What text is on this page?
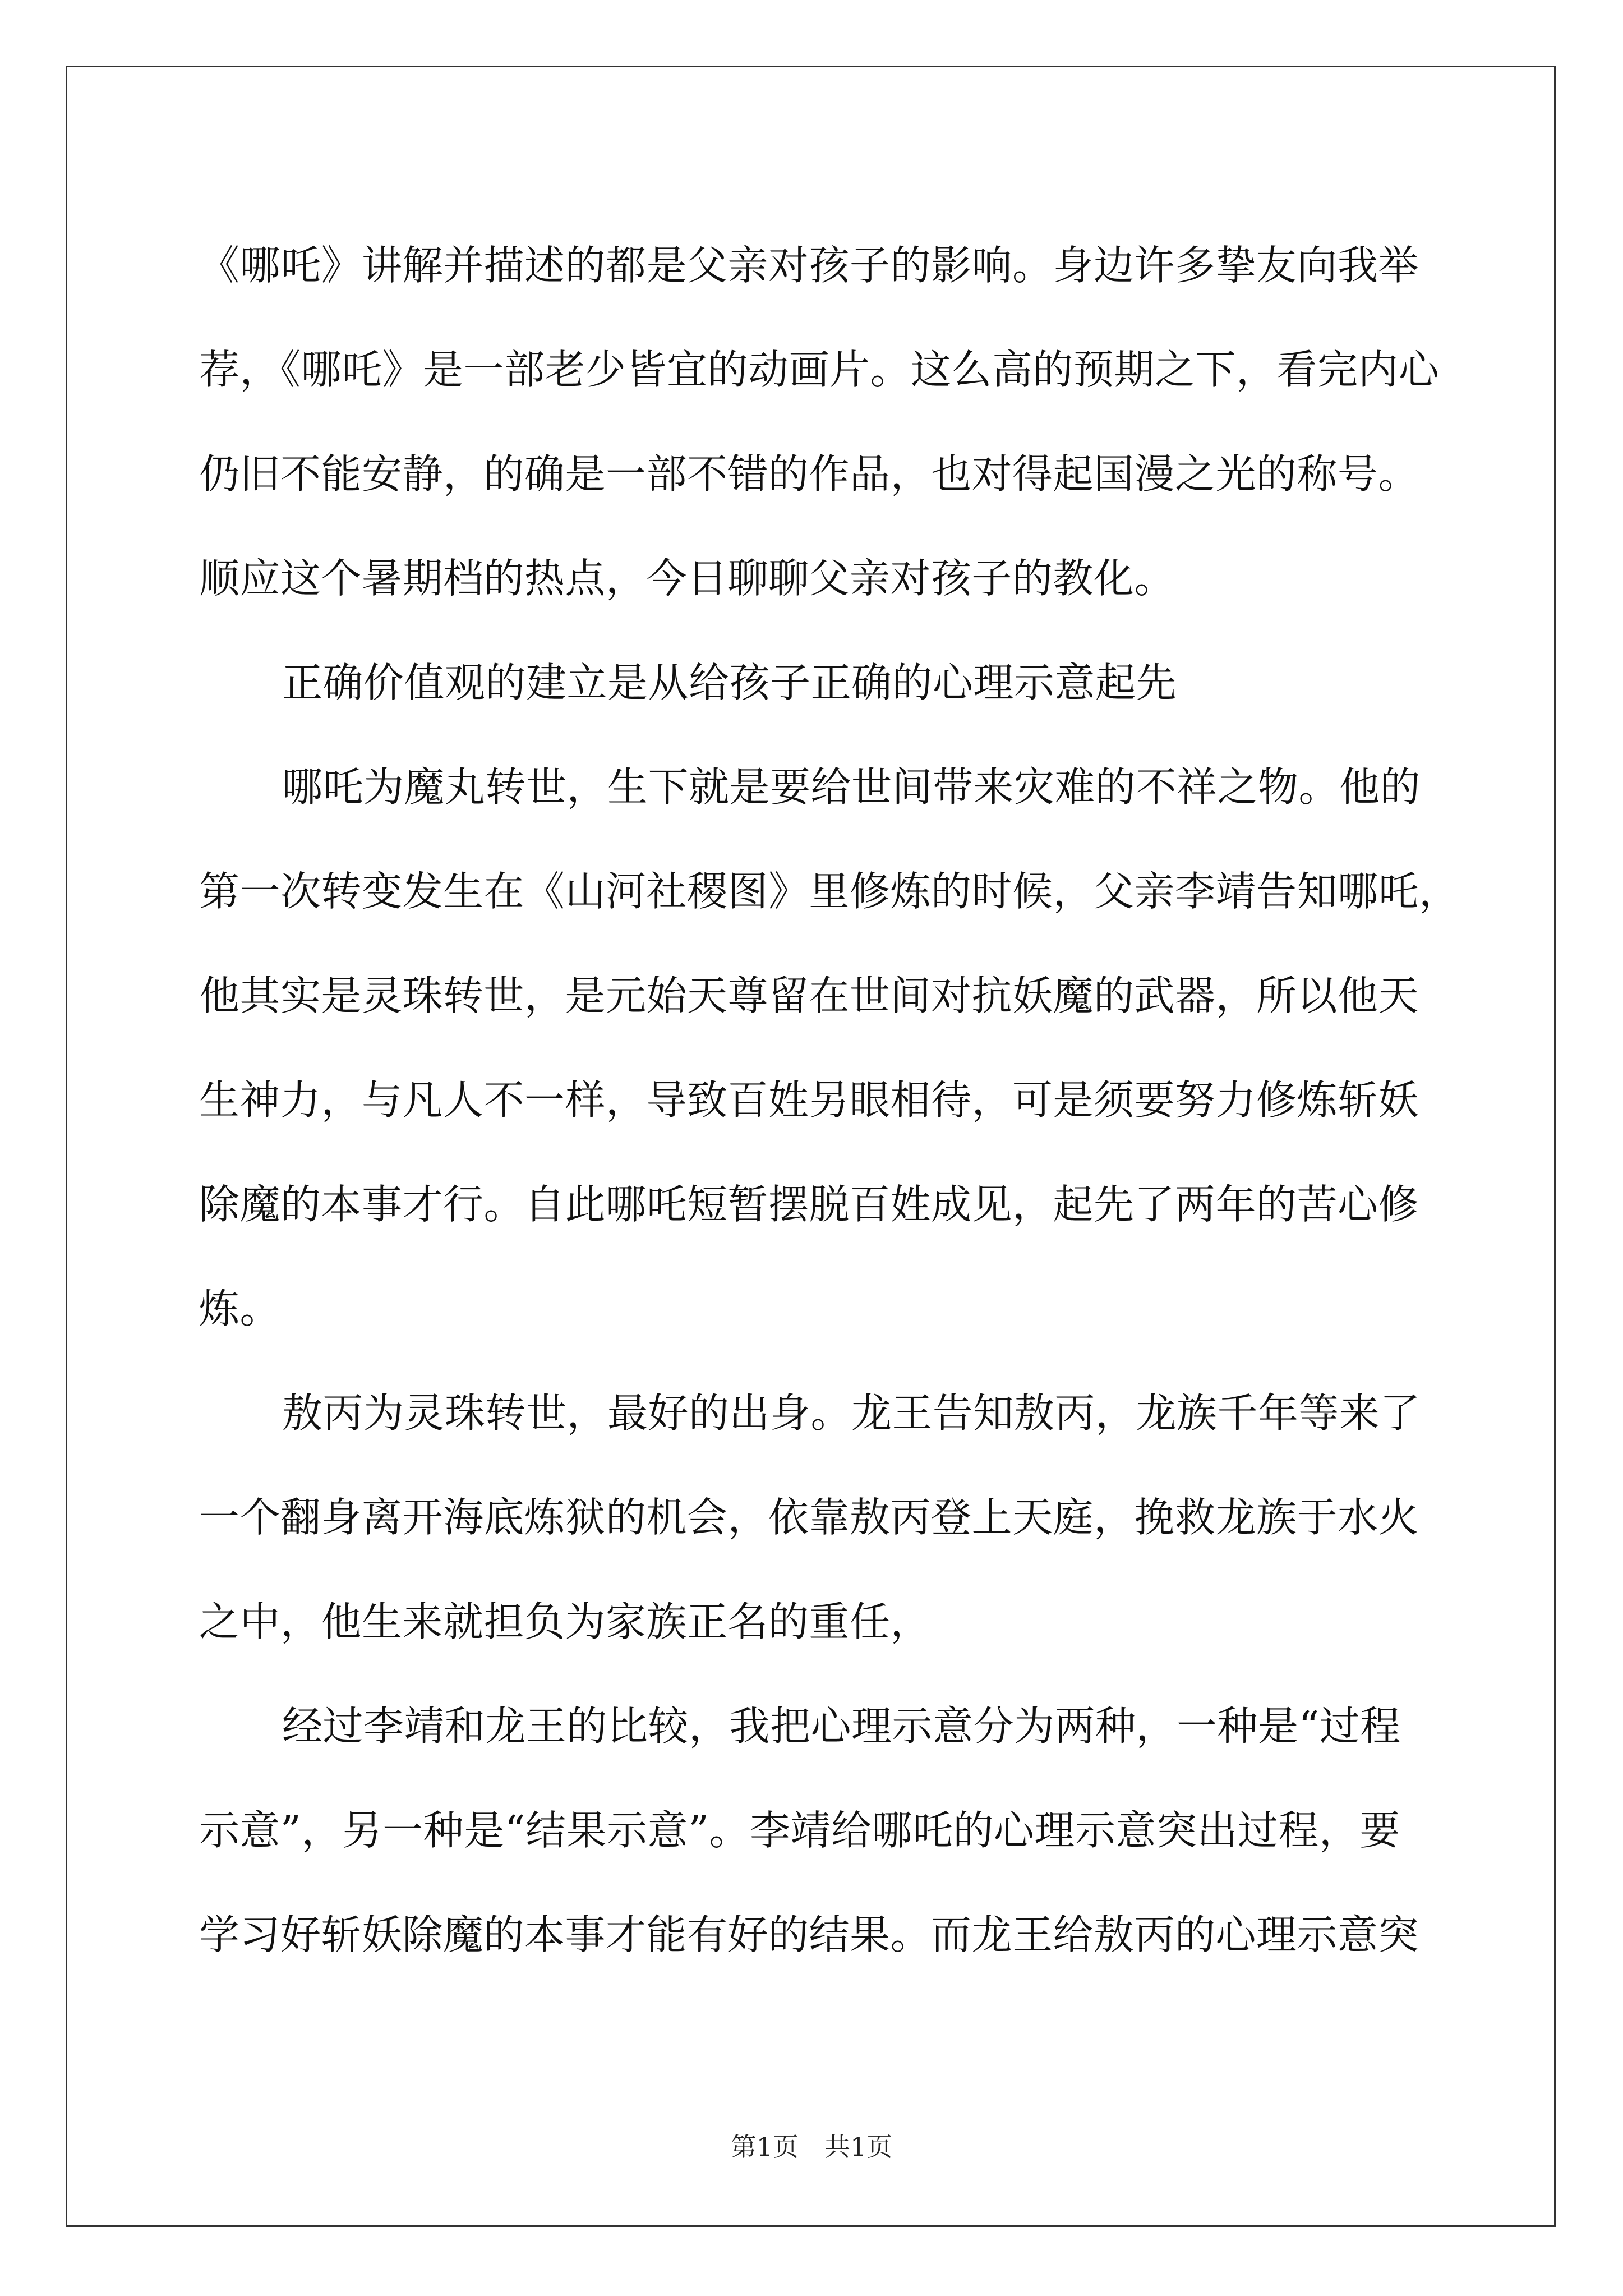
《哪吒》讲解并描述的都是父亲对孩子的影响。身边许多挚友向我举
荐，《哪吒》是一部老少皆宜的动画片。这么高的预期之下，看完内心
仍旧不能安静，的确是一部不错的作品，也对得起国漫之光的称号。
顺应这个暑期档的热点，今日聊聊父亲对孩子的教化。
正确价值观的建立是从给孩子正确的心理示意起先
哪吒为魔丸转世，生下就是要给世间带来灾难的不祥之物。他的
第一次转变发生在《山河社稷图》里修炼的时候，父亲李靖告知哪吒，
他其实是灵珠转世，是元始天尊留在世间对抗妖魔的武器，所以他天
生神力，与凡人不一样，导致百姓另眼相待，可是须要努力修炼斩妖
除魔的本事才行。自此哪吒短暂摆脱百姓成见，起先了两年的苦心修
炼。
敖丙为灵珠转世，最好的出身。龙王告知敖丙，龙族千年等来了
一个翻身离开海底炼狱的机会，依靠敖丙登上天庭，挽救龙族于水火
之中，他生来就担负为家族正名的重任，
经过李靖和龙王的比较，我把心理示意分为两种，一种是“过程
示意”，另一种是“结果示意”。李靖给哪吒的心理示意突出过程，要
学习好斩妖除魔的本事才能有好的结果。而龙王给敖丙的心理示意突
第1页　共1页
